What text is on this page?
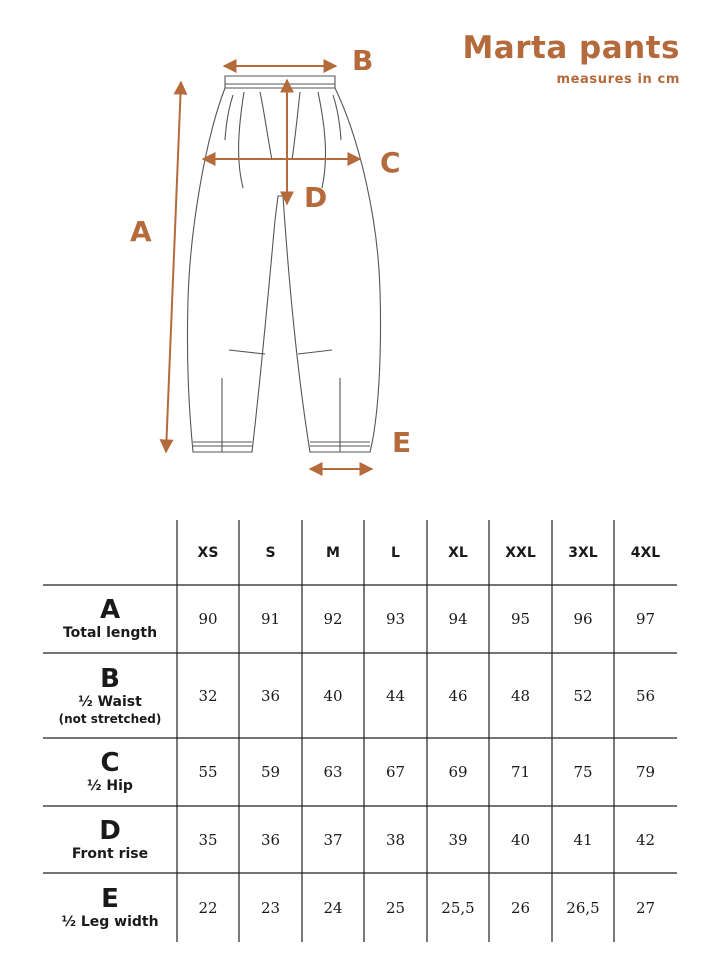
Marta pants
measures in cm
A
B
C
D
E
XS	S	M	L	XL	XXL	3XL	4XL
A
Total length
90	91	92	93	94	95	96	97
B
½ Waist
(not stretched)
32	36	40	44	46	48	52	56
C
½ Hip
55	59	63	67	69	71	75	79
D
Front rise
35	36	37	38	39	40	41	42
E
½ Leg width
22	23	24	25	25,5	26	26,5	27
